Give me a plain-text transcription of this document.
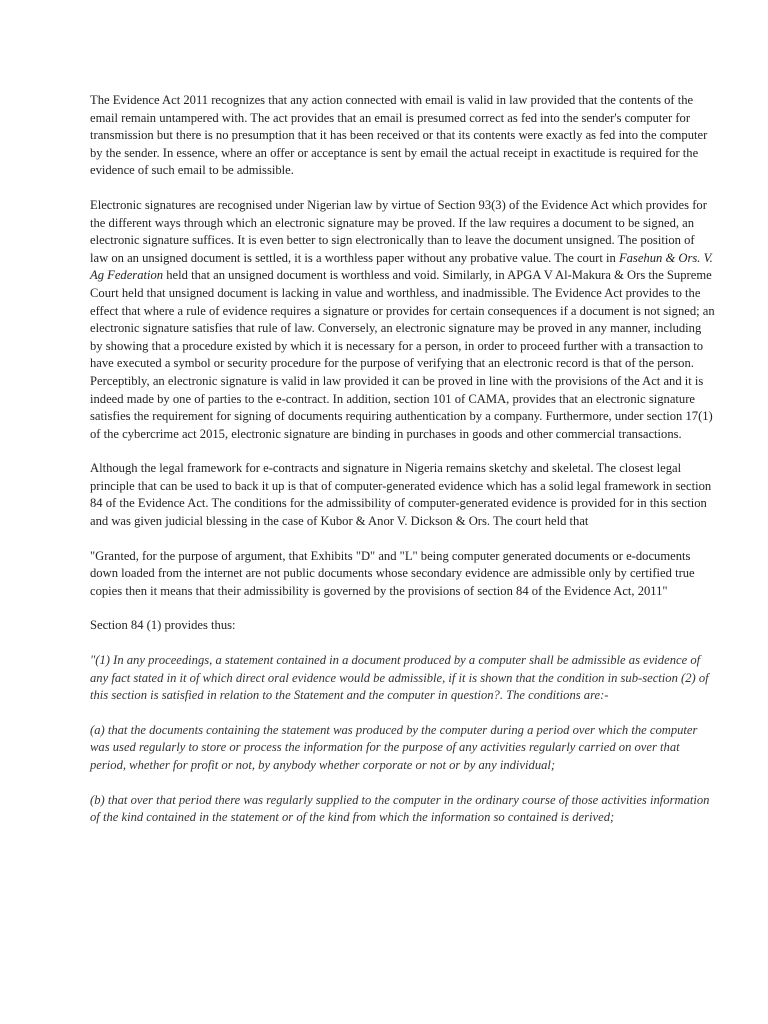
The Evidence Act 2011 recognizes that any action connected with email is valid in law provided that the contents of the email remain untampered with. The act provides that an email is presumed correct as fed into the sender's computer for transmission but there is no presumption that it has been received or that its contents were exactly as fed into the computer by the sender. In essence, where an offer or acceptance is sent by email the actual receipt in exactitude is required for the evidence of such email to be admissible.

Electronic signatures are recognised under Nigerian law by virtue of Section 93(3) of the Evidence Act which provides for the different ways through which an electronic signature may be proved. If the law requires a document to be signed, an electronic signature suffices. It is even better to sign electronically than to leave the document unsigned. The position of law on an unsigned document is settled, it is a worthless paper without any probative value. The court in Fasehun & Ors. V. Ag Federation held that an unsigned document is worthless and void. Similarly, in APGA V Al-Makura & Ors the Supreme Court held that unsigned document is lacking in value and worthless, and inadmissible. The Evidence Act provides to the effect that where a rule of evidence requires a signature or provides for certain consequences if a document is not signed; an electronic signature satisfies that rule of law. Conversely, an electronic signature may be proved in any manner, including by showing that a procedure existed by which it is necessary for a person, in order to proceed further with a transaction to have executed a symbol or security procedure for the purpose of verifying that an electronic record is that of the person. Perceptibly, an electronic signature is valid in law provided it can be proved in line with the provisions of the Act and it is indeed made by one of parties to the e-contract. In addition, section 101 of CAMA, provides that an electronic signature satisfies the requirement for signing of documents requiring authentication by a company. Furthermore, under section 17(1) of the cybercrime act 2015, electronic signature are binding in purchases in goods and other commercial transactions.

Although the legal framework for e-contracts and signature in Nigeria remains sketchy and skeletal. The closest legal principle that can be used to back it up is that of computer-generated evidence which has a solid legal framework in section 84 of the Evidence Act. The conditions for the admissibility of computer-generated evidence is provided for in this section and was given judicial blessing in the case of Kubor & Anor V. Dickson & Ors. The court held that

"Granted, for the purpose of argument, that Exhibits "D" and "L" being computer generated documents or e-documents down loaded from the internet are not public documents whose secondary evidence are admissible only by certified true copies then it means that their admissibility is governed by the provisions of section 84 of the Evidence Act, 2011"

Section 84 (1) provides thus:

"(1) In any proceedings, a statement contained in a document produced by a computer shall be admissible as evidence of any fact stated in it of which direct oral evidence would be admissible, if it is shown that the condition in sub-section (2) of this section is satisfied in relation to the Statement and the computer in question?. The conditions are:-

(a) that the documents containing the statement was produced by the computer during a period over which the computer was used regularly to store or process the information for the purpose of any activities regularly carried on over that period, whether for profit or not, by anybody whether corporate or not or by any individual;

(b) that over that period there was regularly supplied to the computer in the ordinary course of those activities information of the kind contained in the statement or of the kind from which the information so contained is derived;
